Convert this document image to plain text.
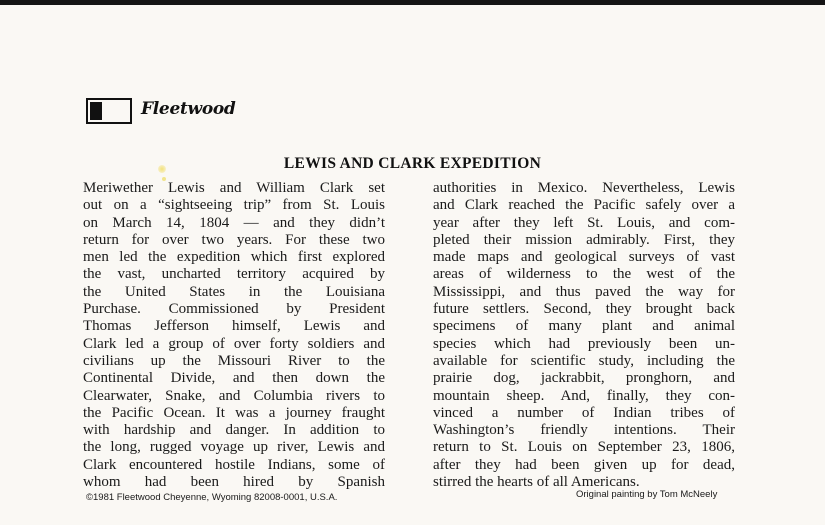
Fleetwood
LEWIS AND CLARK EXPEDITION
Meriwether Lewis and William Clark set
out on a “sightseeing trip” from St. Louis
on March 14, 1804 — and they didn’t
return for over two years. For these two
men led the expedition which first explored
the vast, uncharted territory acquired by
the United States in the Louisiana
Purchase. Commissioned by President
Thomas Jefferson himself, Lewis and
Clark led a group of over forty soldiers and
civilians up the Missouri River to the
Continental Divide, and then down the
Clearwater, Snake, and Columbia rivers to
the Pacific Ocean. It was a journey fraught
with hardship and danger. In addition to
the long, rugged voyage up river, Lewis and
Clark encountered hostile Indians, some of
whom had been hired by Spanish
authorities in Mexico. Nevertheless, Lewis
and Clark reached the Pacific safely over a
year after they left St. Louis, and com-
pleted their mission admirably. First, they
made maps and geological surveys of vast
areas of wilderness to the west of the
Mississippi, and thus paved the way for
future settlers. Second, they brought back
specimens of many plant and animal
species which had previously been un-
available for scientific study, including the
prairie dog, jackrabbit, pronghorn, and
mountain sheep. And, finally, they con-
vinced a number of Indian tribes of
Washington’s friendly intentions. Their
return to St. Louis on September 23, 1806,
after they had been given up for dead,
stirred the hearts of all Americans.
©1981 Fleetwood Cheyenne, Wyoming 82008-0001, U.S.A.	Original painting by Tom McNeely
